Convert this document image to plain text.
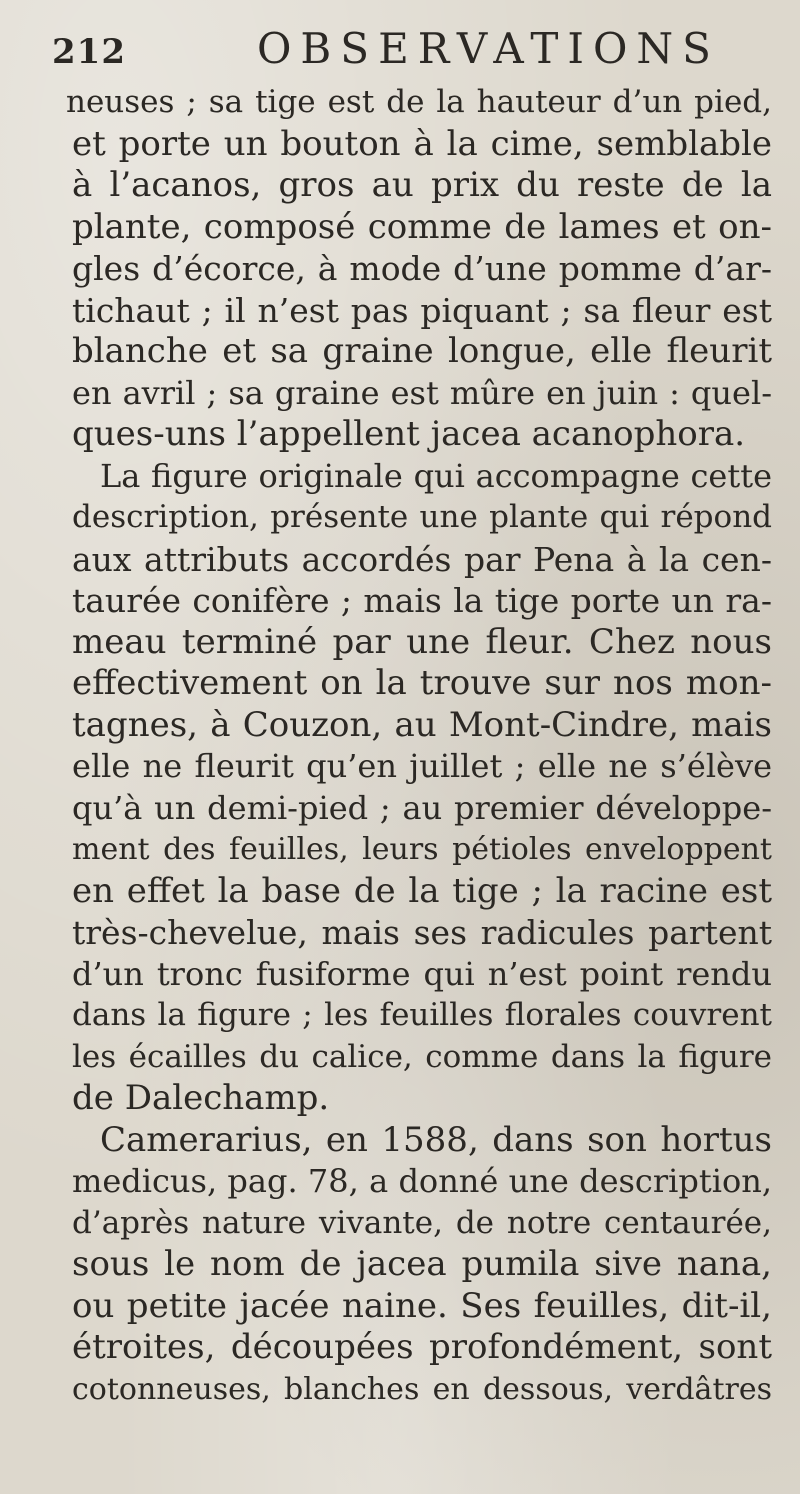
212	OBSERVATIONS
neuses ; sa tige est de la hauteur d’un pied,
et porte un bouton à la cime, semblable
à l’acanos, gros au prix du reste de la
plante, composé comme de lames et on-
gles d’écorce, à mode d’une pomme d’ar-
tichaut ; il n’est pas piquant ; sa fleur est
blanche et sa graine longue, elle fleurit
en avril ; sa graine est mûre en juin : quel-
ques-uns l’appellent jacea acanophora.
La figure originale qui accompagne cette
description, présente une plante qui répond
aux attributs accordés par Pena à la cen-
taurée conifère ; mais la tige porte un ra-
meau terminé par une fleur. Chez nous
effectivement on la trouve sur nos mon-
tagnes, à Couzon, au Mont-Cindre, mais
elle ne fleurit qu’en juillet ; elle ne s’élève
qu’à un demi-pied ; au premier développe-
ment des feuilles, leurs pétioles enveloppent
en effet la base de la tige ; la racine est
très-chevelue, mais ses radicules partent
d’un tronc fusiforme qui n’est point rendu
dans la figure ; les feuilles florales couvrent
les écailles du calice, comme dans la figure
de Dalechamp.
Camerarius, en 1588, dans son hortus
medicus, pag. 78, a donné une description,
d’après nature vivante, de notre centaurée,
sous le nom de jacea pumila sive nana,
ou petite jacée naine. Ses feuilles, dit-il,
étroites, découpées profondément, sont
cotonneuses, blanches en dessous, verdâtres
